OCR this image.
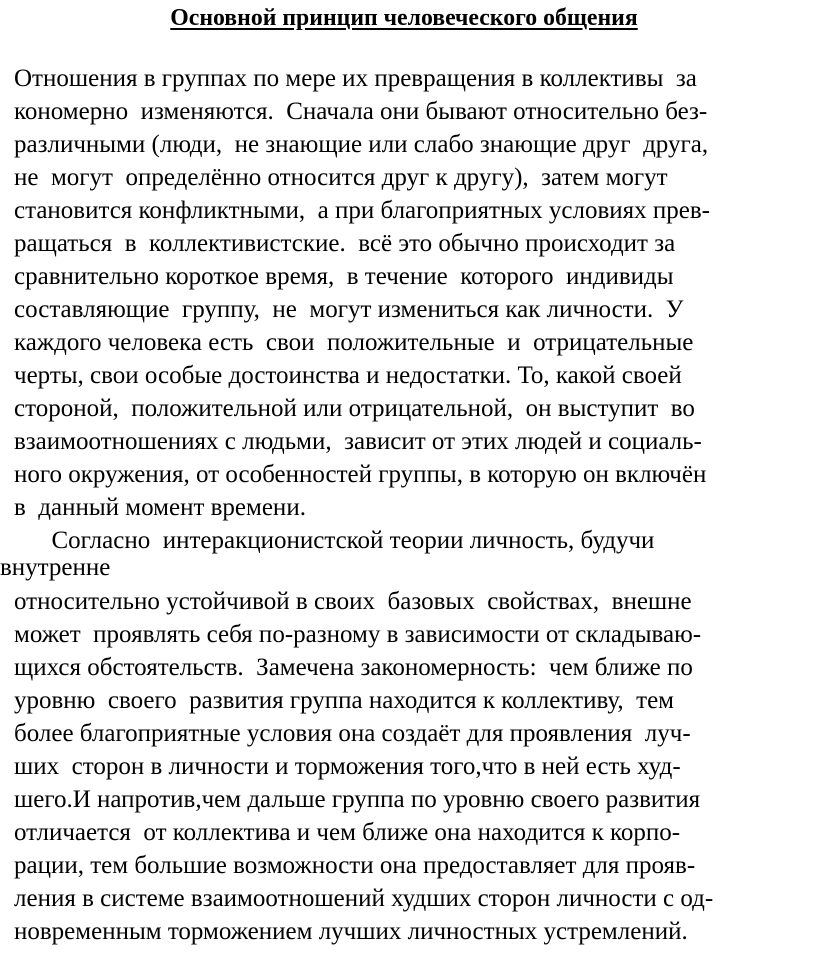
Основной принцип человеческого общения
Отношения в группах по мере их превращения в коллективы  за
кономерно  изменяются.  Сначала они бывают относительно без-
различными (люди,  не знающие или слабо знающие друг  друга,
не  могут  определённо относится друг к другу),  затем могут
становится конфликтными,  а при благоприятных условиях прев-
ращаться  в  коллективистские.  всё это обычно происходит за
сравнительно короткое время,  в течение  которого  индивиды
составляющие  группу,  не  могут измениться как личности.  У
каждого человека есть  свои  положительные  и  отрицательные
черты, свои особые достоинства и недостатки. То, какой своей
стороной,  положительной или отрицательной,  он выступит  во
взаимоотношениях с людьми,  зависит от этих людей и социаль-
ного окружения, от особенностей группы, в которую он включён
в  данный момент времени.
Согласно  интеракционистской теории личность, будучи
внутренне
относительно устойчивой в своих  базовых  свойствах,  внешне
может  проявлять себя по-разному в зависимости от складываю-
щихся обстоятельств.  Замечена закономерность:  чем ближе по
уровню  своего  развития группа находится к коллективу,  тем
более благоприятные условия она создаёт для проявления  луч-
ших  сторон в личности и торможения того,что в ней есть худ-
шего.И напротив,чем дальше группа по уровню своего развития
отличается  от коллектива и чем ближе она находится к корпо-
рации, тем большие возможности она предоставляет для прояв-
ления в системе взаимоотношений худших сторон личности с од-
новременным торможением лучших личностных устремлений.
